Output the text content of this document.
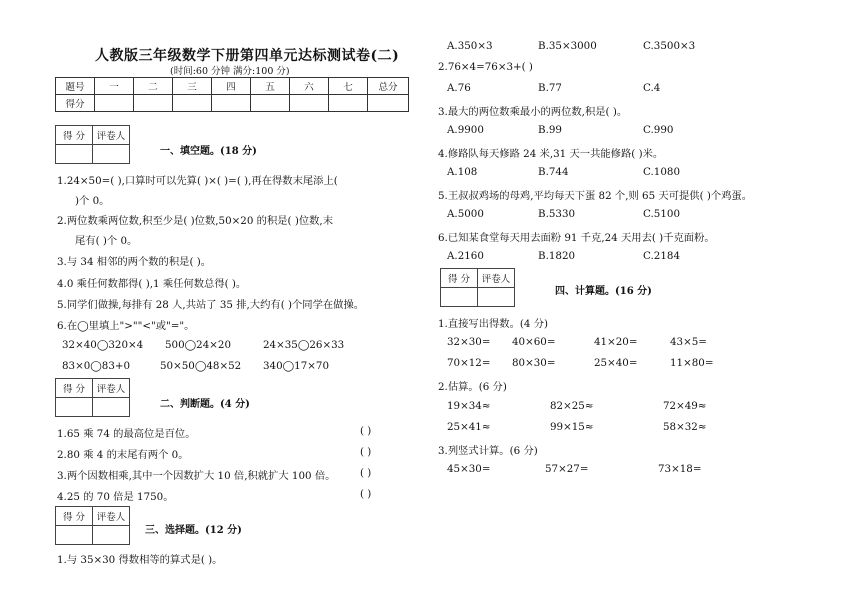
人教版三年级数学下册第四单元达标测试卷(二)
(时间:60 分钟 满分:100 分)
题号	一	二	三	四	五	六	七	总分
得分								
得 分	评卷人

一、填空题。(18 分)
1.24×50=( ),口算时可以先算( )×( )=( ),再在得数末尾添上(
)个 0。
2.两位数乘两位数,积至少是( )位数,50×20 的积是( )位数,末
尾有( )个 0。
3.与 34 相邻的两个数的积是( )。
4.0 乘任何数都得( ),1 乘任何数总得( )。
5.同学们做操,每排有 28 人,共站了 35 排,大约有( )个同学在做操。
6.在◯里填上">""<"或"="。
32×40◯320×4 500◯24×20	24×35◯26×33
83×0◯83+0	50×50◯48×52 340◯17×70
得 分	评卷人

二、判断题。(4 分)
1.65 乘 74 的最高位是百位。	( )
2.80 乘 4 的末尾有两个 0。	( )
3.两个因数相乘,其中一个因数扩大 10 倍,积就扩大 100 倍。 ( )
4.25 的 70 倍是 1750。	( )
得 分	评卷人

三、选择题。(12 分)
1.与 35×30 得数相等的算式是( )。
A.350×3	B.35×3000	C.3500×3
2.76×4=76×3+( )
A.76	B.77	C.4
3.最大的两位数乘最小的两位数,积是( )。
A.9900	B.99	C.990
4.修路队每天修路 24 米,31 天一共能修路( )米。
A.108	B.744	C.1080
5.王叔叔鸡场的母鸡,平均每天下蛋 82 个,则 65 天可提供( )个鸡蛋。
A.5000	B.5330	C.5100
6.已知某食堂每天用去面粉 91 千克,24 天用去( )千克面粉。
A.2160	B.1820	C.2184
得 分	评卷人

四、计算题。(16 分)
1.直接写出得数。(4 分)
32×30= 40×60=	41×20=	43×5=
70×12= 80×30=	25×40=	11×80=
2.估算。(6 分)
19×34≈	82×25≈	72×49≈
25×41≈	99×15≈	58×32≈
3.列竖式计算。(6 分)
45×30=	57×27=	73×18=
